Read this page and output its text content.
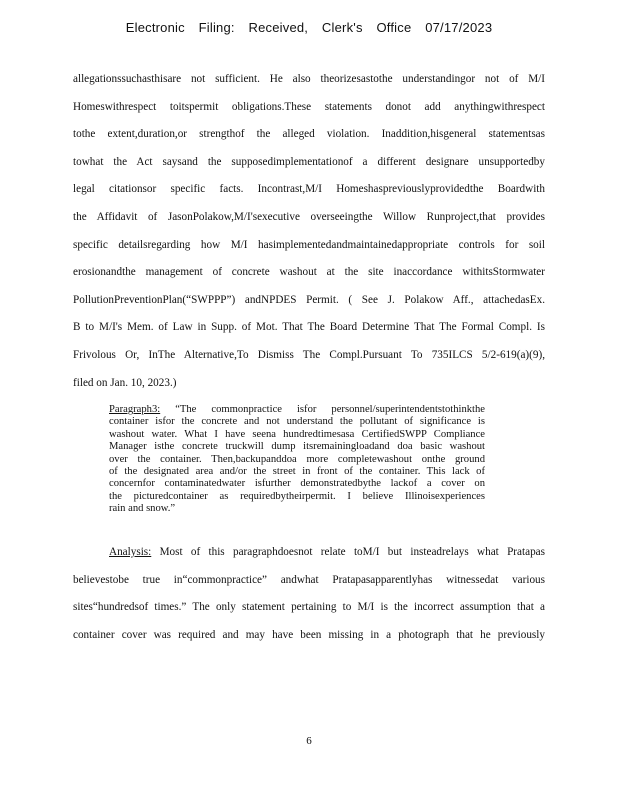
Electronic Filing: Received, Clerk's Office 07/17/2023
allegationssuchasthisare not sufficient. He also theorizesastothe understandingor not of M/I
Homeswithrespect toitspermit obligations.These statements donot add anythingwithrespect
tothe extent,duration,or strengthof the alleged violation. Inaddition,hisgeneral statementsas
towhat the Act saysand the supposedimplementationof a different designare unsupportedby
legal citationsor specific facts. Incontrast,M/I Homeshaspreviouslyprovidedthe Boardwith
the Affidavit of JasonPolakow,M/I'sexecutive overseeingthe Willow Runproject,that provides
specific detailsregarding how M/I hasimplementedandmaintainedappropriate controls for soil
erosionandthe management of concrete washout at the site inaccordance withitsStormwater
PollutionPreventionPlan(“SWPPP”) andNPDES Permit. ( See J. Polakow Aff., attachedasEx.
B to M/I's Mem. of Law in Supp. of Mot. That The Board Determine That The Formal Compl. Is
Frivolous Or, InThe Alternative,To Dismiss The Compl.Pursuant To 735ILCS 5/2-619(a)(9),
filed on Jan. 10, 2023.)
Paragraph3: “The commonpractice isfor personnel/superintendentstothinkthe
container isfor the concrete and not understand the pollutant of significance is
washout water. What I have seena hundredtimesasa CertifiedSWPP Compliance
Manager isthe concrete truckwill dump itsremainingloadand doa basic washout
over the container. Then,backupanddoa more completewashout onthe ground
of the designated area and/or the street in front of the container. This lack of
concernfor contaminatedwater isfurther demonstratedbythe lackof a cover on
the picturedcontainer as requiredbytheirpermit. I believe Illinoisexperiences
rain and snow.”
Analysis: Most of this paragraphdoesnot relate toM/I but insteadrelays what Pratapas
believestobe true in“commonpractice” andwhat Pratapasapparentlyhas witnessedat various
sites“hundredsof times.” The only statement pertaining to M/I is the incorrect assumption that a
container cover was required and may have been missing in a photograph that he previously
6
